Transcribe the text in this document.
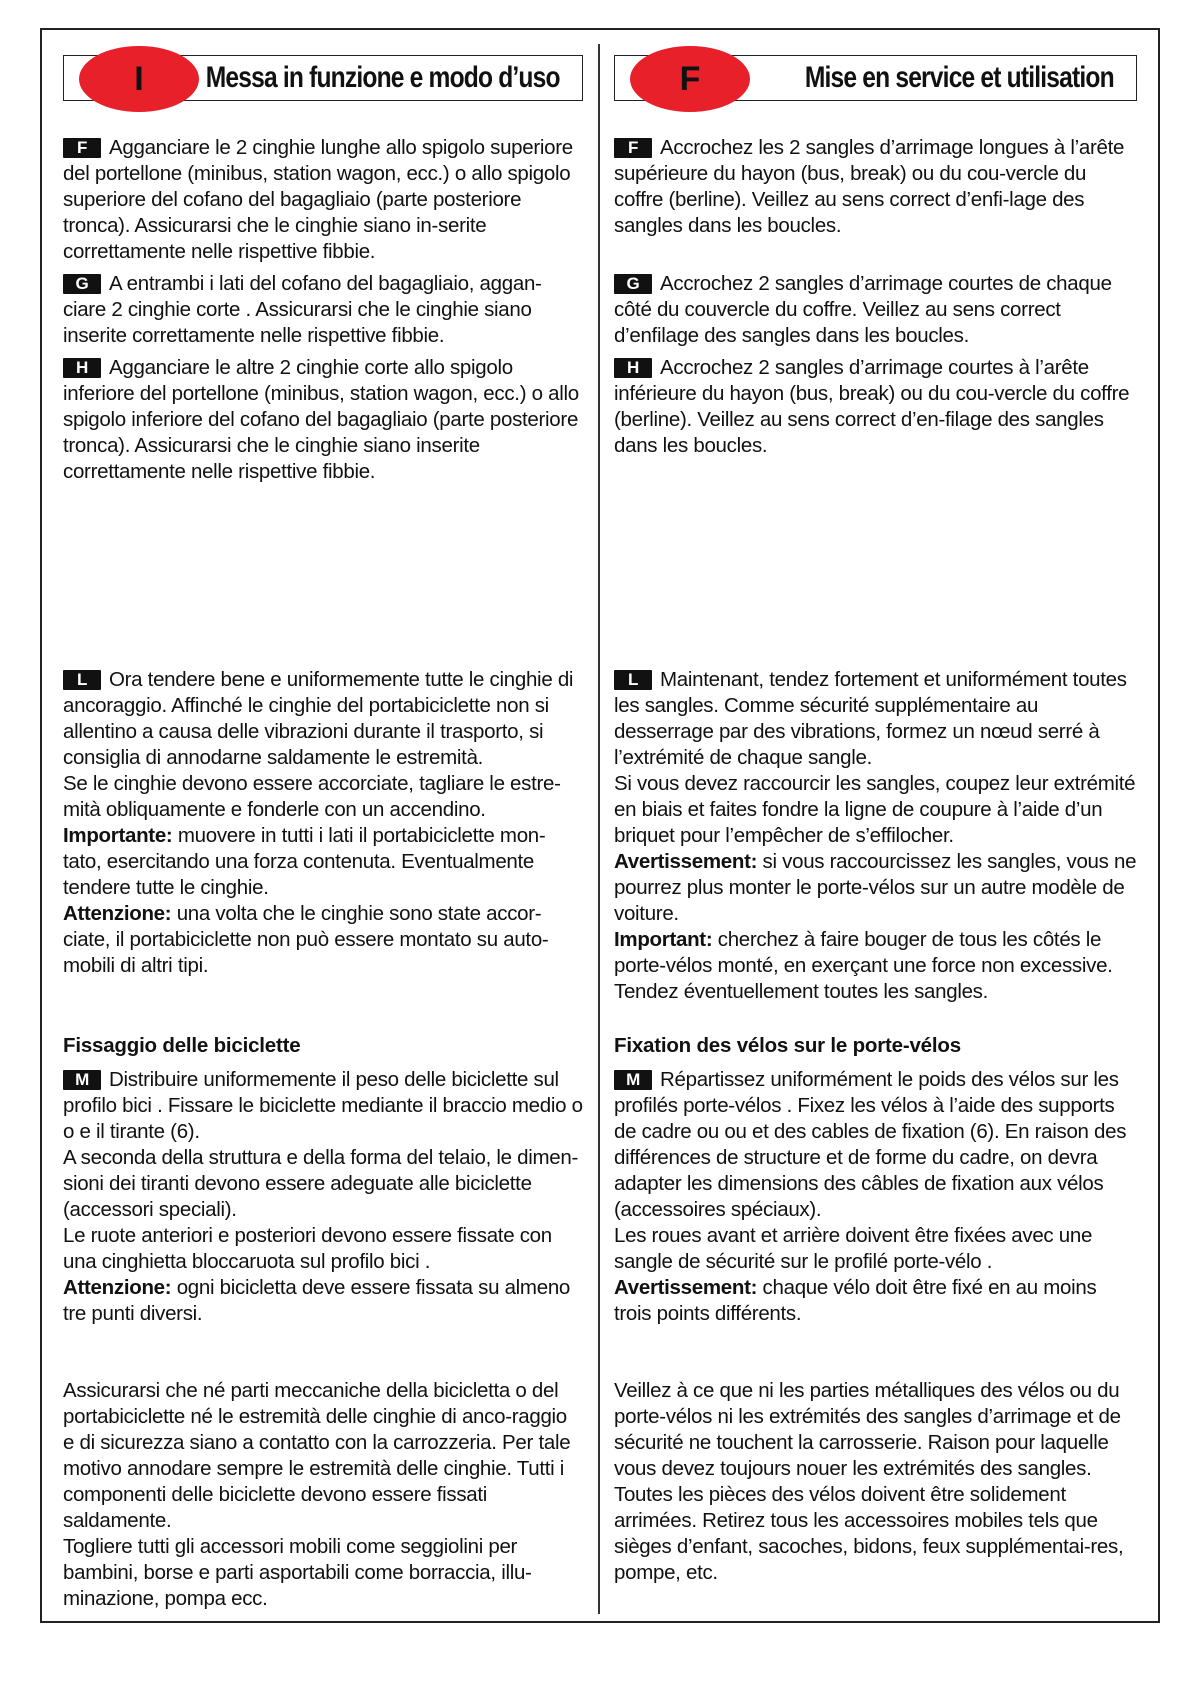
I	Messa in funzione e modo d’uso

F Agganciare le 2 cinghie lunghe allo spigolo superiore del portellone (minibus, station wagon, ecc.) o allo spigolo superiore del cofano del bagagliaio (parte posteriore tronca). Assicurarsi che le cinghie siano in-serite correttamente nelle rispettive fibbie.

G A entrambi i lati del cofano del bagagliaio, aggan-ciare 2 cinghie corte . Assicurarsi che le cinghie siano inserite correttamente nelle rispettive fibbie.

H Agganciare le altre 2 cinghie corte allo spigolo inferiore del portellone (minibus, station wagon, ecc.) o allo spigolo inferiore del cofano del bagagliaio (parte posteriore tronca). Assicurarsi che le cinghie siano inserite correttamente nelle rispettive fibbie.

L Ora tendere bene e uniformemente tutte le cinghie di ancoraggio. Affinché le cinghie del portabiciclette non si allentino a causa delle vibrazioni durante il trasporto, si consiglia di annodarne saldamente le estremità.

Se le cinghie devono essere accorciate, tagliare le estre-mità obliquamente e fonderle con un accendino.

Importante: muovere in tutti i lati il portabiciclette mon-tato, esercitando una forza contenuta. Eventualmente tendere tutte le cinghie.

Attenzione: una volta che le cinghie sono state accor-ciate, il portabiciclette non può essere montato su auto-mobili di altri tipi.

Fissaggio delle biciclette

M Distribuire uniformemente il peso delle biciclette sul profilo bici . Fissare le biciclette mediante il braccio medio o o e il tirante (6).

A seconda della struttura e della forma del telaio, le dimen-sioni dei tiranti devono essere adeguate alle biciclette (accessori speciali).

Le ruote anteriori e posteriori devono essere fissate con una cinghietta bloccaruota sul profilo bici .

Attenzione: ogni bicicletta deve essere fissata su almeno tre punti diversi.

Assicurarsi che né parti meccaniche della bicicletta o del portabiciclette né le estremità delle cinghie di anco-raggio e di sicurezza siano a contatto con la carrozzeria. Per tale motivo annodare sempre le estremità delle cinghie. Tutti i componenti delle biciclette devono essere fissati saldamente.

Togliere tutti gli accessori mobili come seggiolini per bambini, borse e parti asportabili come borraccia, illu-minazione, pompa ecc.

F	Mise en service et utilisation

F Accrochez les 2 sangles d’arrimage longues à l’arête supérieure du hayon (bus, break) ou du cou-vercle du coffre (berline). Veillez au sens correct d’enfi-lage des sangles dans les boucles.

G Accrochez 2 sangles d’arrimage courtes de chaque côté du couvercle du coffre. Veillez au sens correct d’enfilage des sangles dans les boucles.

H Accrochez 2 sangles d’arrimage courtes à l’arête inférieure du hayon (bus, break) ou du cou-vercle du coffre (berline). Veillez au sens correct d’en-filage des sangles dans les boucles.

L Maintenant, tendez fortement et uniformément toutes les sangles. Comme sécurité supplémentaire au desserrage par des vibrations, formez un nœud serré à l’extrémité de chaque sangle.

Si vous devez raccourcir les sangles, coupez leur extrémité en biais et faites fondre la ligne de coupure à l’aide d’un briquet pour l’empêcher de s’effilocher.

Avertissement: si vous raccourcissez les sangles, vous ne pourrez plus monter le porte-vélos sur un autre modèle de voiture.

Important: cherchez à faire bouger de tous les côtés le porte-vélos monté, en exerçant une force non excessive. Tendez éventuellement toutes les sangles.

Fixation des vélos sur le porte-vélos

M Répartissez uniformément le poids des vélos sur les profilés porte-vélos . Fixez les vélos à l’aide des supports de cadre ou ou et des cables de fixation (6). En raison des différences de structure et de forme du cadre, on devra adapter les dimensions des câbles de fixation aux vélos (accessoires spéciaux).

Les roues avant et arrière doivent être fixées avec une sangle de sécurité sur le profilé porte-vélo .

Avertissement: chaque vélo doit être fixé en au moins trois points différents.

Veillez à ce que ni les parties métalliques des vélos ou du porte-vélos ni les extrémités des sangles d’arrimage et de sécurité ne touchent la carrosserie. Raison pour laquelle vous devez toujours nouer les extrémités des sangles.

Toutes les pièces des vélos doivent être solidement arrimées. Retirez tous les accessoires mobiles tels que sièges d’enfant, sacoches, bidons, feux supplémentai-res, pompe, etc.
